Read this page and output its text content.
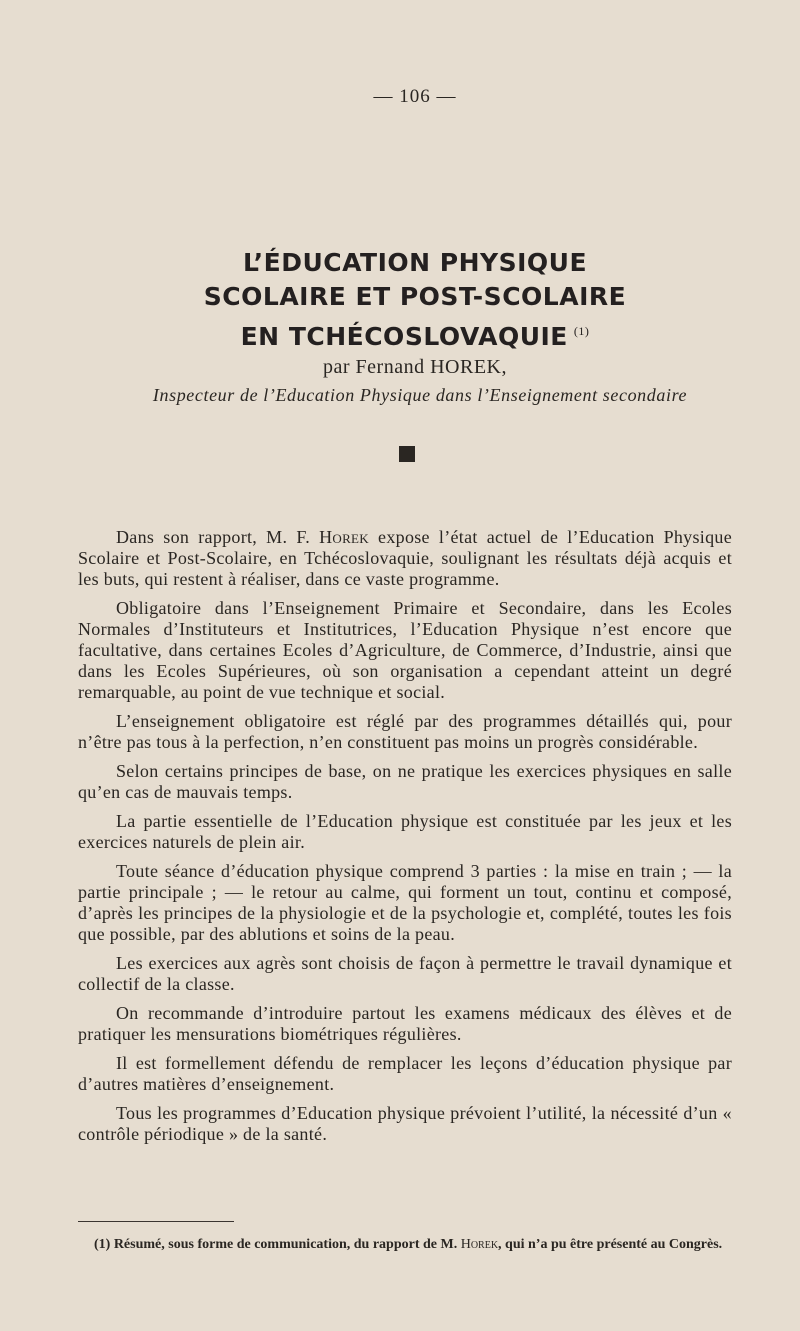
— 106 —
L’ÉDUCATION PHYSIQUE
SCOLAIRE ET POST-SCOLAIRE
EN TCHÉCOSLOVAQUIE $^{(1)}$
par Fernand HOREK,
Inspecteur de l’Education Physique dans l’Enseignement secondaire

Dans son rapport, M. F. Horek expose l’état actuel de l’Education Physique Scolaire et Post-Scolaire, en Tchécoslovaquie, soulignant les résultats déjà acquis et les buts, qui restent à réaliser, dans ce vaste programme.

Obligatoire dans l’Enseignement Primaire et Secondaire, dans les Ecoles Normales d’Instituteurs et Institutrices, l’Education Physique n’est encore que facultative, dans certaines Ecoles d’Agriculture, de Commerce, d’Industrie, ainsi que dans les Ecoles Supérieures, où son organisation a cependant atteint un degré remarquable, au point de vue technique et social.

L’enseignement obligatoire est réglé par des programmes détaillés qui, pour n’être pas tous à la perfection, n’en constituent pas moins un progrès considérable.

Selon certains principes de base, on ne pratique les exercices physiques en salle qu’en cas de mauvais temps.

La partie essentielle de l’Education physique est constituée par les jeux et les exercices naturels de plein air.

Toute séance d’éducation physique comprend 3 parties : la mise en train ; — la partie principale ; — le retour au calme, qui forment un tout, continu et composé, d’après les principes de la physiologie et de la psychologie et, complété, toutes les fois que possible, par des ablutions et soins de la peau.

Les exercices aux agrès sont choisis de façon à permettre le travail dynamique et collectif de la classe.

On recommande d’introduire partout les examens médicaux des élèves et de pratiquer les mensurations biométriques régulières.

Il est formellement défendu de remplacer les leçons d’éducation physique par d’autres matières d’enseignement.

Tous les programmes d’Education physique prévoient l’utilité, la nécessité d’un « contrôle périodique » de la santé.

(1) Résumé, sous forme de communication, du rapport de M. Horek, qui n’a pu être présenté au Congrès.
